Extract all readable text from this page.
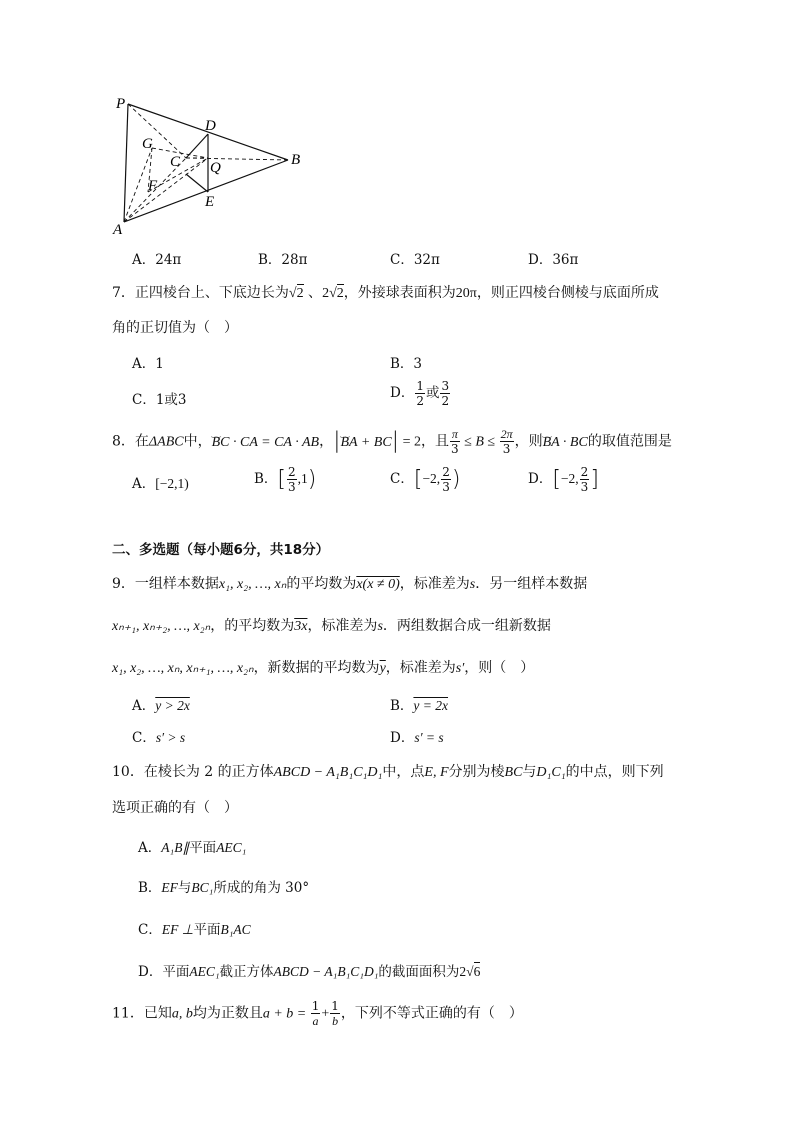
P
D
G
C Q	B
F
E
A
A．24π	B．28π	C．32π	D．36π
7．正四棱台上、下底边长为√2 、2√2，外接球表面积为20π，则正四棱台侧棱与底面所成
角的正切值为（　）
A．1	B．3
C．1或3	D． $\frac{1}{2}$ 或 $\frac{3}{2}$
8．在ΔABC中，‿‿ BC · CA = CA · AB，|‿‿ BA + BC| = 2，且 $\frac{\pi}{3} \le B \le \frac{2\pi}{3}$ ，则‿‿ BA · BC的取值范围是
A．[−2,1)	B．[ $\frac{2}{3} ,1$)	C．[−2, $\frac{2}{3}$ )	D．[−2, $\frac{2}{3}$ ]
二、多选题（每小题6分，共18分）
9．一组样本数据x₁, x₂, …, xₙ的平均数为x(x ≠ 0)，标准差为s．另一组样本数据
xₙ₊₁, xₙ₊₂, …, x₂ₙ，的平均数为3x，标准差为s．两组数据合成一组新数据
x₁, x₂, …, xₙ, xₙ₊₁, …, x₂ₙ，新数据的平均数为$\overline{y}$，标准差为s′，则（　）
A．y > 2x	B．y = 2x
C．s′ > s	D．s′ = s
10．在棱长为 2 的正方体ABCD − A₁B₁C₁D₁中，点E, F分别为棱BC与D₁C₁的中点，则下列
选项正确的有（　）
A．A₁B∥平面AEC₁
B．EF与BC₁所成的角为 30°
C．EF ⊥平面B₁AC
D．平面AEC₁截正方体ABCD − A₁B₁C₁D₁的截面面积为2√6
11．已知a, b均为正数且$a + b = \frac{1}{a} + \frac{1}{b}$ ，下列不等式正确的有（　）
